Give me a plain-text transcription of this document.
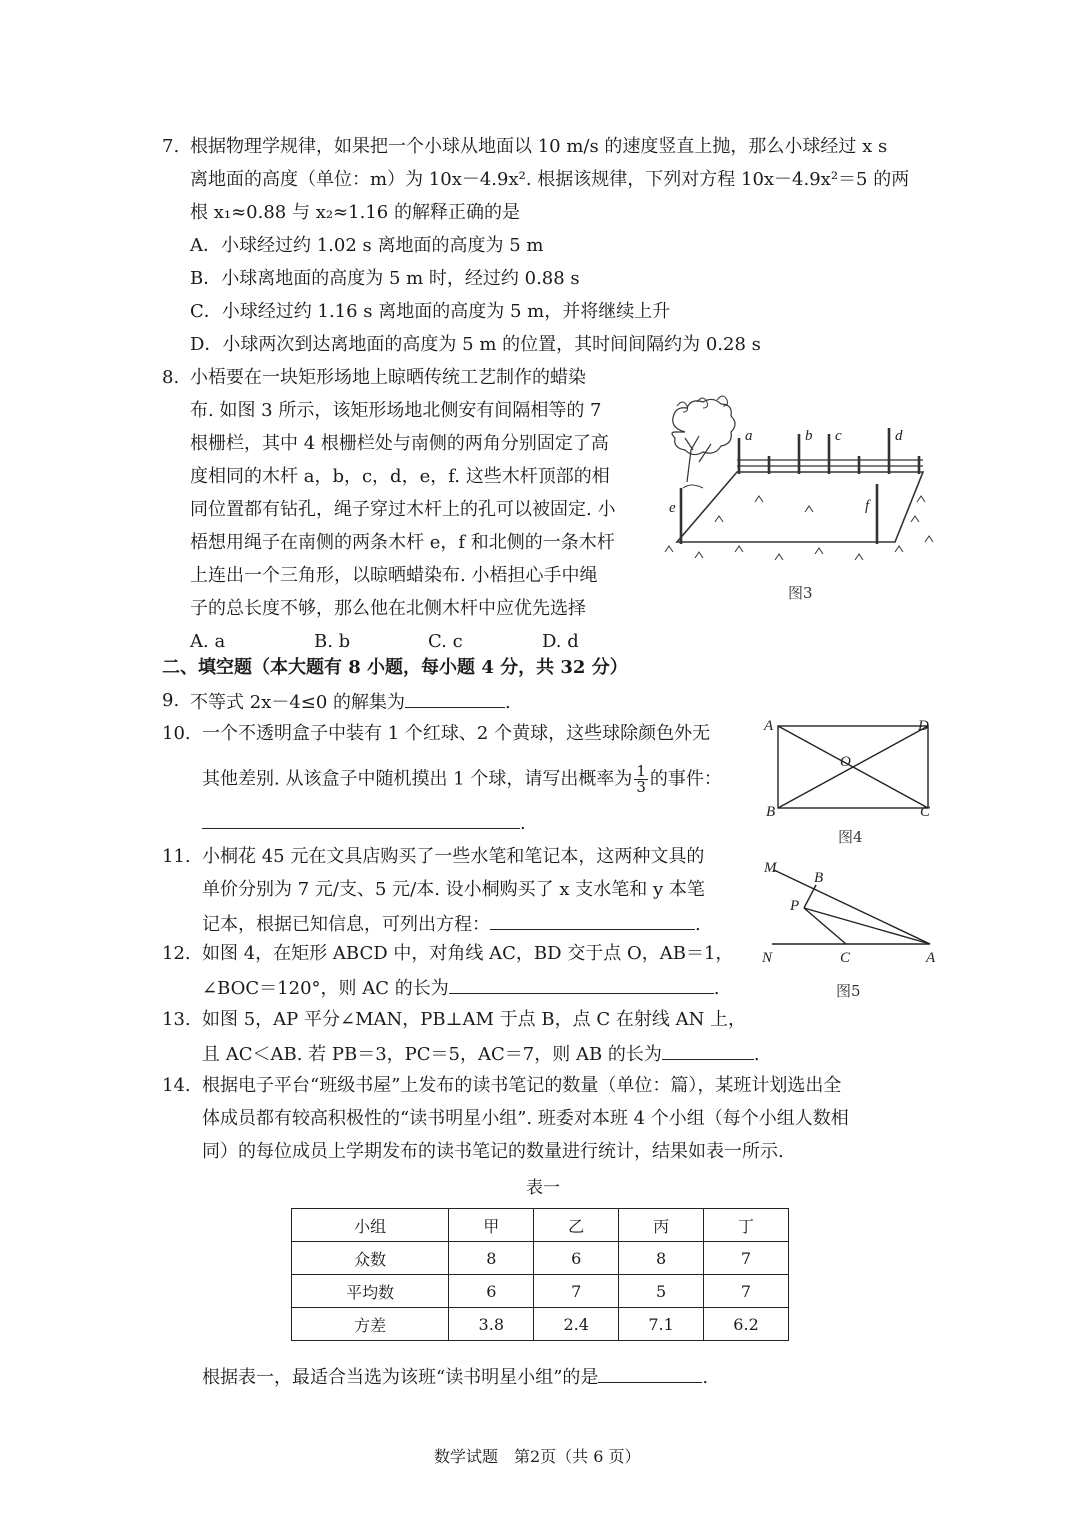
7. 根据物理学规律，如果把一个小球从地面以 10 m/s 的速度竖直上抛，那么小球经过 x s
离地面的高度（单位：m）为 10x－4.9x². 根据该规律，下列对方程 10x－4.9x²＝5 的两
根 x₁≈0.88 与 x₂≈1.16 的解释正确的是
A．小球经过约 1.02 s 离地面的高度为 5 m
B．小球离地面的高度为 5 m 时，经过约 0.88 s
C．小球经过约 1.16 s 离地面的高度为 5 m，并将继续上升
D．小球两次到达离地面的高度为 5 m 的位置，其时间间隔约为 0.28 s
8. 小梧要在一块矩形场地上晾晒传统工艺制作的蜡染
布. 如图 3 所示，该矩形场地北侧安有间隔相等的 7
根栅栏，其中 4 根栅栏处与南侧的两角分别固定了高
度相同的木杆 a，b，c，d，e，f. 这些木杆顶部的相
同位置都有钻孔，绳子穿过木杆上的孔可以被固定. 小
梧想用绳子在南侧的两条木杆 e，f 和北侧的一条木杆
上连出一个三角形，以晾晒蜡染布. 小梧担心手中绳
子的总长度不够，那么他在北侧木杆中应优先选择
A. a	B. b	C. c	D. d
a	b c	d
e	f
图3
二、填空题（本大题有 8 小题，每小题 4 分，共 32 分）
9. 不等式 2x－4≤0 的解集为	.
10. 一个不透明盒子中装有 1 个红球、2 个黄球，这些球除颜色外无
其他差别. 从该盒子中随机摸出 1 个球，请写出概率为 $\frac{1}{3}$ 的事件：
.
A
B	C
D
O
图4
11. 小桐花 45 元在文具店购买了一些水笔和笔记本，这两种文具的
单价分别为 7 元/支、5 元/本. 设小桐购买了 x 支水笔和 y 本笔
记本，根据已知信息，可列出方程：	.
M
B
P
N	C	A
图5
12. 如图 4，在矩形 ABCD 中，对角线 AC，BD 交于点 O，AB＝1，
∠BOC＝120°，则 AC 的长为	.
13. 如图 5，AP 平分∠MAN，PB⊥AM 于点 B，点 C 在射线 AN 上，
且 AC＜AB. 若 PB＝3，PC＝5，AC＝7，则 AB 的长为	.
14. 根据电子平台“班级书屋”上发布的读书笔记的数量（单位：篇），某班计划选出全
体成员都有较高积极性的“读书明星小组”. 班委对本班 4 个小组（每个小组人数相
同）的每位成员上学期发布的读书笔记的数量进行统计，结果如表一所示.
表一
小组	甲	乙	丙	丁
众数	8	6	8	7
平均数	6	7	5	7
方差	3.8	2.4	7.1	6.2
根据表一，最适合当选为该班“读书明星小组”的是	.
数学试题　第2页（共 6 页）
